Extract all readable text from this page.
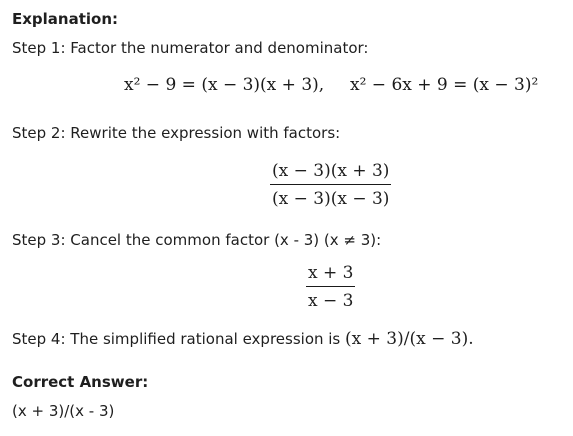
Explanation:
Step 1: Factor the numerator and denominator:
x² − 9 = (x − 3)(x + 3), x² − 6x + 9 = (x − 3)²
Step 2: Rewrite the expression with factors:
(x − 3)(x + 3)
(x − 3)(x − 3)
Step 3: Cancel the common factor (x - 3) (x ≠ 3):
x + 3
x − 3
Step 4: The simplified rational expression is (x + 3)/(x − 3).
Correct Answer:
(x + 3)/(x - 3)
